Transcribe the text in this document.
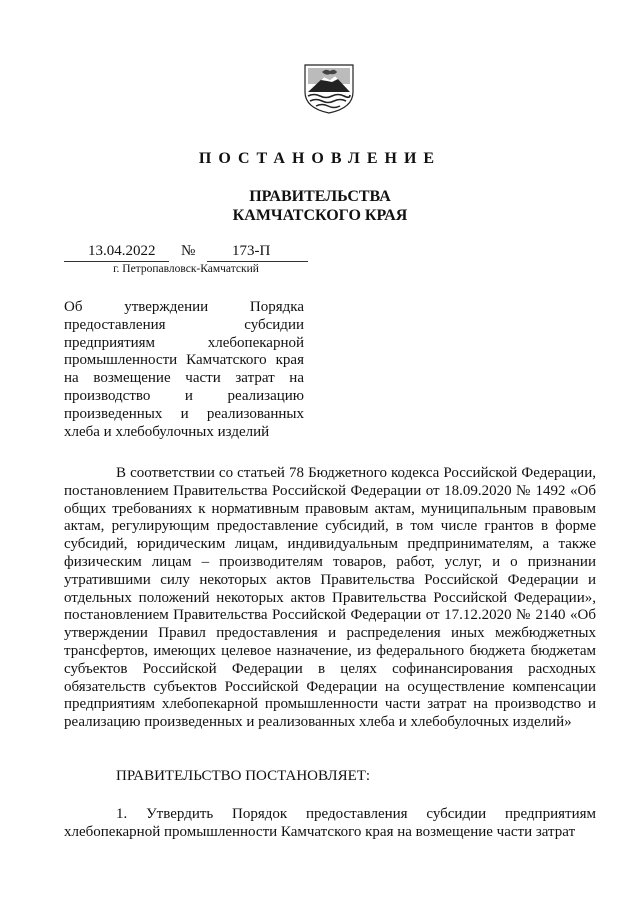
ПОСТАНОВЛЕНИЕ
ПРАВИТЕЛЬСТВА
КАМЧАТСКОГО КРАЯ
13.04.2022 № 173-П
г. Петропавловск-Камчатский
Об утверждении Порядка предоставления субсидии предприятиям хлебопекарной промышленности Камчатского края на возмещение части затрат на производство и реализацию произведенных и реализованных хлеба и хлебобулочных изделий

В соответствии со статьей 78 Бюджетного кодекса Российской Федерации, постановлением Правительства Российской Федерации от 18.09.2020 № 1492 «Об общих требованиях к нормативным правовым актам, муниципальным правовым актам, регулирующим предоставление субсидий, в том числе грантов в форме субсидий, юридическим лицам, индивидуальным предпринимателям, а также физическим лицам – производителям товаров, работ, услуг, и о признании утратившими силу некоторых актов Правительства Российской Федерации и отдельных положений некоторых актов Правительства Российской Федерации», постановлением Правительства Российской Федерации от 17.12.2020 № 2140 «Об утверждении Правил предоставления и распределения иных межбюджетных трансфертов, имеющих целевое назначение, из федерального бюджета бюджетам субъектов Российской Федерации в целях софинансирования расходных обязательств субъектов Российской Федерации на осуществление компенсации предприятиям хлебопекарной промышленности части затрат на производство и реализацию произведенных и реализованных хлеба и хлебобулочных изделий»

ПРАВИТЕЛЬСТВО ПОСТАНОВЛЯЕТ:

1. Утвердить Порядок предоставления субсидии предприятиям хлебопекарной промышленности Камчатского края на возмещение части затрат
